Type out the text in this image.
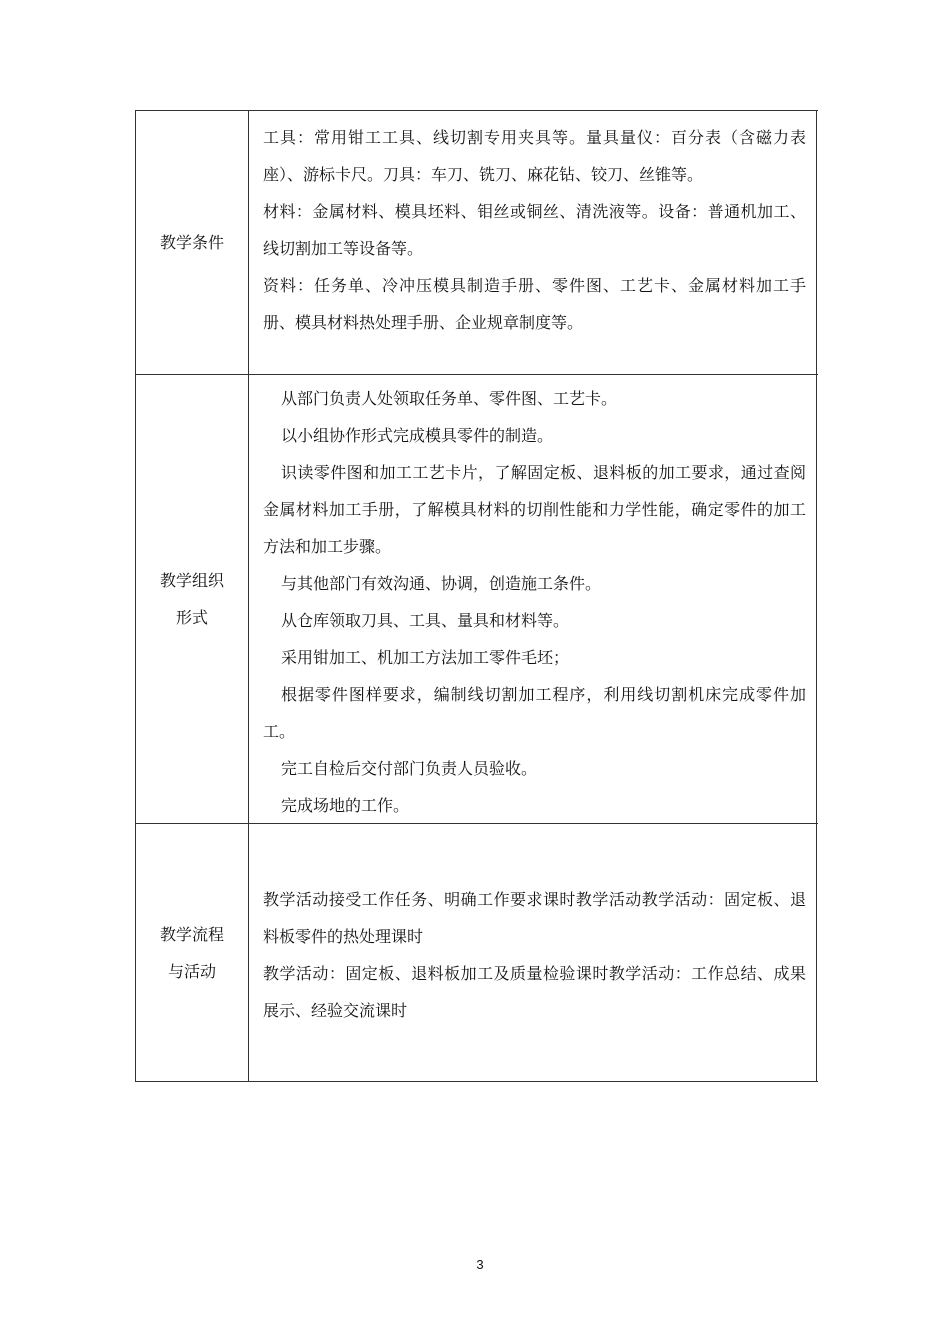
教学条件

工具：常用钳工工具、线切割专用夹具等。量具量仪：百分表（含磁力表座）、游标卡尺。刀具：车刀、铣刀、麻花钻、铰刀、丝锥等。

材料：金属材料、模具坯料、钼丝或铜丝、清洗液等。设备：普通机加工、线切割加工等设备等。

资料：任务单、冷冲压模具制造手册、零件图、工艺卡、金属材料加工手册、模具材料热处理手册、企业规章制度等。

教学组织
形式

从部门负责人处领取任务单、零件图、工艺卡。

以小组协作形式完成模具零件的制造。

识读零件图和加工工艺卡片，了解固定板、退料板的加工要求，通过查阅金属材料加工手册，了解模具材料的切削性能和力学性能，确定零件的加工方法和加工步骤。

与其他部门有效沟通、协调，创造施工条件。

从仓库领取刀具、工具、量具和材料等。

采用钳加工、机加工方法加工零件毛坯；

根据零件图样要求，编制线切割加工程序，利用线切割机床完成零件加工。

完工自检后交付部门负责人员验收。

完成场地的工作。

教学流程
与活动

教学活动接受工作任务、明确工作要求课时教学活动教学活动：固定板、退料板零件的热处理课时

教学活动：固定板、退料板加工及质量检验课时教学活动：工作总结、成果展示、经验交流课时

3
